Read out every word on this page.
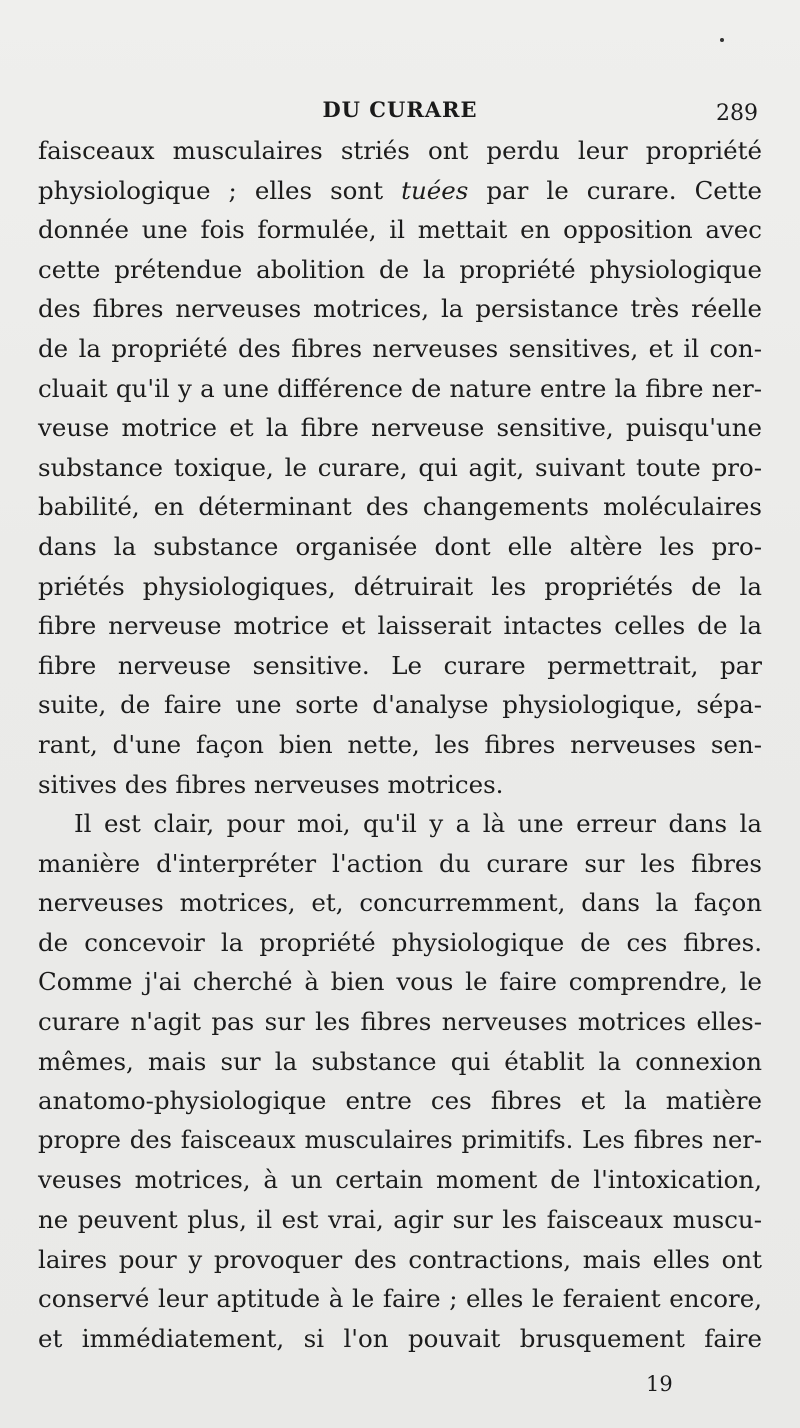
DU CURARE	289
faisceaux musculaires striés ont perdu leur propriété
physiologique ; elles sont tuées par le curare. Cette
donnée une fois formulée, il mettait en opposition avec
cette prétendue abolition de la propriété physiologique
des fibres nerveuses motrices, la persistance très réelle
de la propriété des fibres nerveuses sensitives, et il con-
cluait qu'il y a une différence de nature entre la fibre ner-
veuse motrice et la fibre nerveuse sensitive, puisqu'une
substance toxique, le curare, qui agit, suivant toute pro-
babilité, en déterminant des changements moléculaires
dans la substance organisée dont elle altère les pro-
priétés physiologiques, détruirait les propriétés de la
fibre nerveuse motrice et laisserait intactes celles de la
fibre nerveuse sensitive. Le curare permettrait, par
suite, de faire une sorte d'analyse physiologique, sépa-
rant, d'une façon bien nette, les fibres nerveuses sen-
sitives des fibres nerveuses motrices.
Il est clair, pour moi, qu'il y a là une erreur dans la
manière d'interpréter l'action du curare sur les fibres
nerveuses motrices, et, concurremment, dans la façon
de concevoir la propriété physiologique de ces fibres.
Comme j'ai cherché à bien vous le faire comprendre, le
curare n'agit pas sur les fibres nerveuses motrices elles-
mêmes, mais sur la substance qui établit la connexion
anatomo-physiologique entre ces fibres et la matière
propre des faisceaux musculaires primitifs. Les fibres ner-
veuses motrices, à un certain moment de l'intoxication,
ne peuvent plus, il est vrai, agir sur les faisceaux muscu-
laires pour y provoquer des contractions, mais elles ont
conservé leur aptitude à le faire ; elles le feraient encore,
et immédiatement, si l'on pouvait brusquement faire
19
